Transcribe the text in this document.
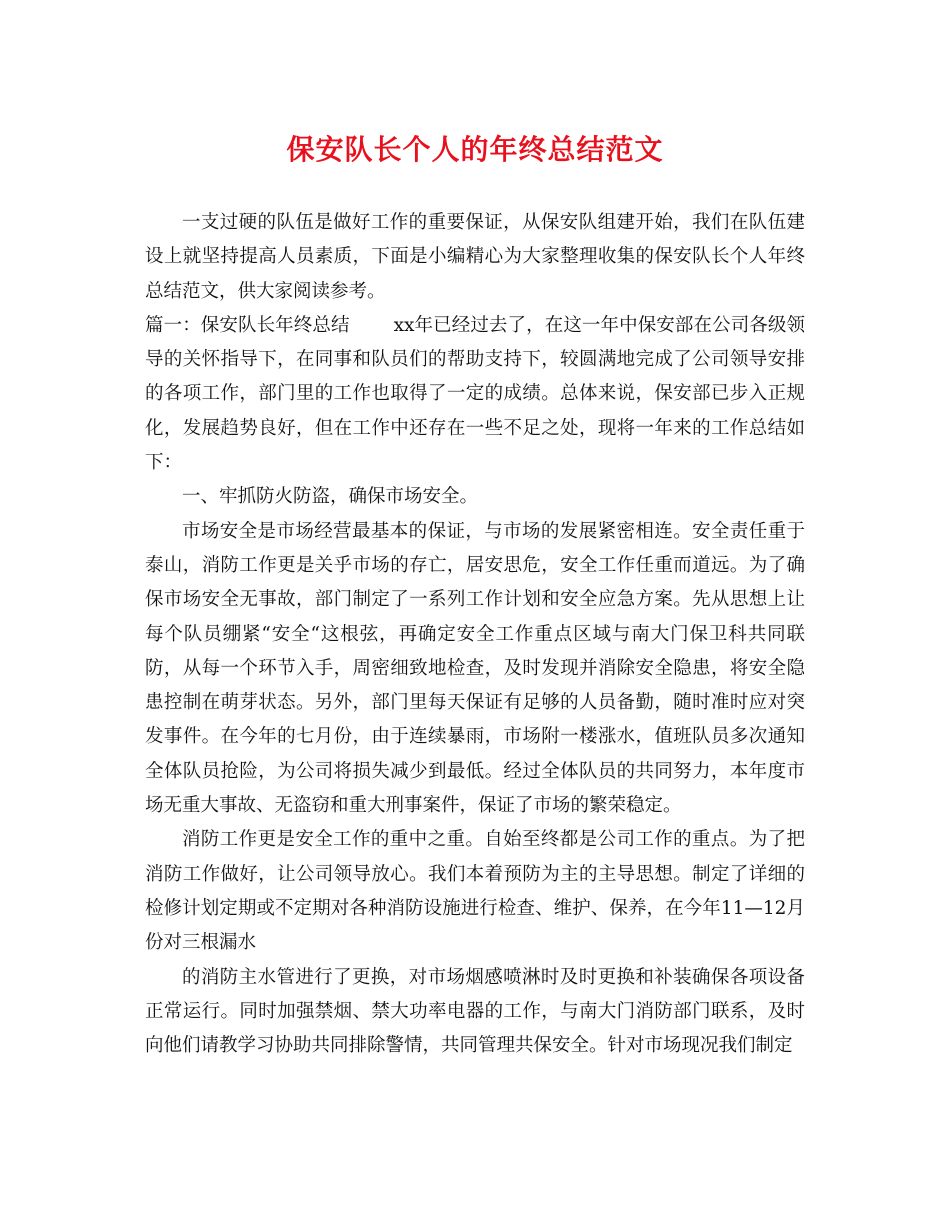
保安队长个人的年终总结范文

一支过硬的队伍是做好工作的重要保证，从保安队组建开始，我们在队伍建设上就坚持提高人员素质，下面是小编精心为大家整理收集的保安队长个人年终总结范文，供大家阅读参考。

篇一：保安队长年终总结 xx年已经过去了，在这一年中保安部在公司各级领导的关怀指导下，在同事和队员们的帮助支持下，较圆满地完成了公司领导安排的各项工作，部门里的工作也取得了一定的成绩。总体来说，保安部已步入正规化，发展趋势良好，但在工作中还存在一些不足之处，现将一年来的工作总结如下：

一、牢抓防火防盗，确保市场安全。

市场安全是市场经营最基本的保证，与市场的发展紧密相连。安全责任重于泰山，消防工作更是关乎市场的存亡，居安思危，安全工作任重而道远。为了确保市场安全无事故，部门制定了一系列工作计划和安全应急方案。先从思想上让每个队员绷紧“安全“这根弦，再确定安全工作重点区域与南大门保卫科共同联防，从每一个环节入手，周密细致地检查，及时发现并消除安全隐患，将安全隐患控制在萌芽状态。另外，部门里每天保证有足够的人员备勤，随时准时应对突发事件。在今年的七月份，由于连续暴雨，市场附一楼涨水，值班队员多次通知全体队员抢险，为公司将损失减少到最低。经过全体队员的共同努力，本年度市场无重大事故、无盗窃和重大刑事案件，保证了市场的繁荣稳定。

消防工作更是安全工作的重中之重。自始至终都是公司工作的重点。为了把消防工作做好，让公司领导放心。我们本着预防为主的主导思想。制定了详细的检修计划定期或不定期对各种消防设施进行检查、维护、保养，在今年11—12月份对三根漏水

的消防主水管进行了更换，对市场烟感喷淋时及时更换和补装确保各项设备正常运行。同时加强禁烟、禁大功率电器的工作，与南大门消防部门联系，及时向他们请教学习协助共同排除警情，共同管理共保安全。针对市场现况我们制定
